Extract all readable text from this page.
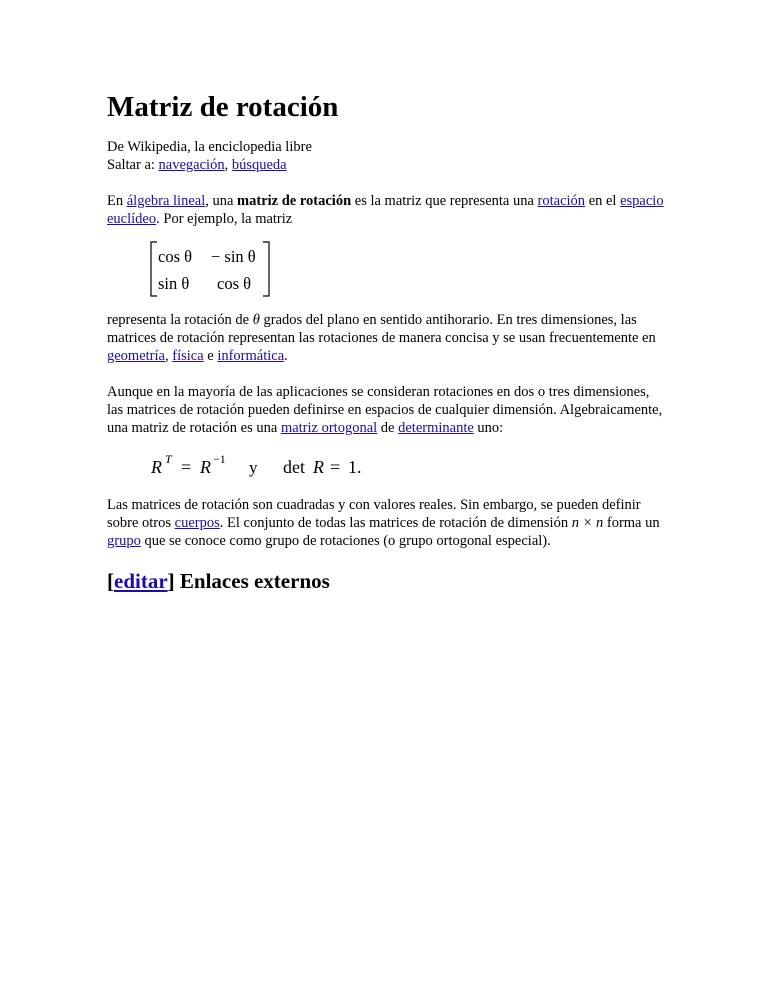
Matriz de rotación

De Wikipedia, la enciclopedia libre

Saltar a: navegación, búsqueda

En álgebra lineal, una matriz de rotación es la matriz que representa una rotación en el espacio euclídeo. Por ejemplo, la matriz

cos θ − sin θ
sin θ cos θ

representa la rotación de θ grados del plano en sentido antihorario. En tres dimensiones, las matrices de rotación representan las rotaciones de manera concisa y se usan frecuentemente en geometría, física e informática.

Aunque en la mayoría de las aplicaciones se consideran rotaciones en dos o tres dimensiones, las matrices de rotación pueden definirse en espacios de cualquier dimensión. Algebraicamente, una matriz de rotación es una matriz ortogonal de determinante uno:

R T = R −1 y det R = 1.

Las matrices de rotación son cuadradas y con valores reales. Sin embargo, se pueden definir sobre otros cuerpos. El conjunto de todas las matrices de rotación de dimensión n × n forma un grupo que se conoce como grupo de rotaciones (o grupo ortogonal especial).

[editar] Enlaces externos
